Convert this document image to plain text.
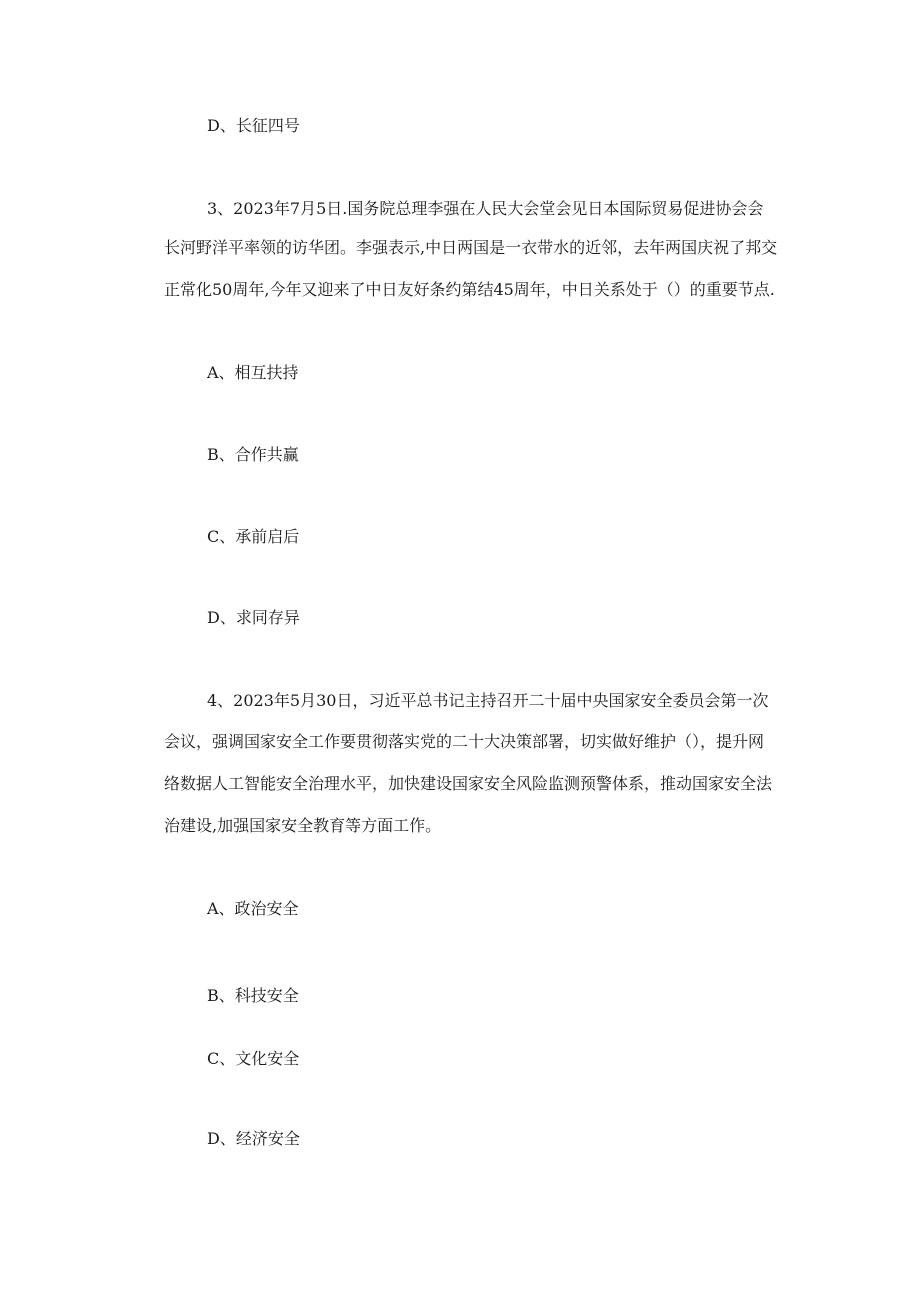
D、长征四号
3、2023年7月5日.国务院总理李强在人民大会堂会见日本国际贸易促进协会会
长河野洋平率领的访华团。李强表示,中日两国是一衣带水的近邻，去年两国庆祝了邦交
正常化50周年,今年又迎来了中日友好条约第结45周年，中日关系处于（）的重要节点.
A、相互扶持
B、合作共赢
C、承前启后
D、求同存异
4、2023年5月30日，习近平总书记主持召开二十届中央国家安全委员会第一次
会议，强调国家安全工作要贯彻落实党的二十大决策部署，切实做好维护（），提升网
络数据人工智能安全治理水平，加快建设国家安全风险监测预警体系，推动国家安全法
治建设,加强国家安全教育等方面工作。
A、政治安全
B、科技安全
C、文化安全
D、经济安全
